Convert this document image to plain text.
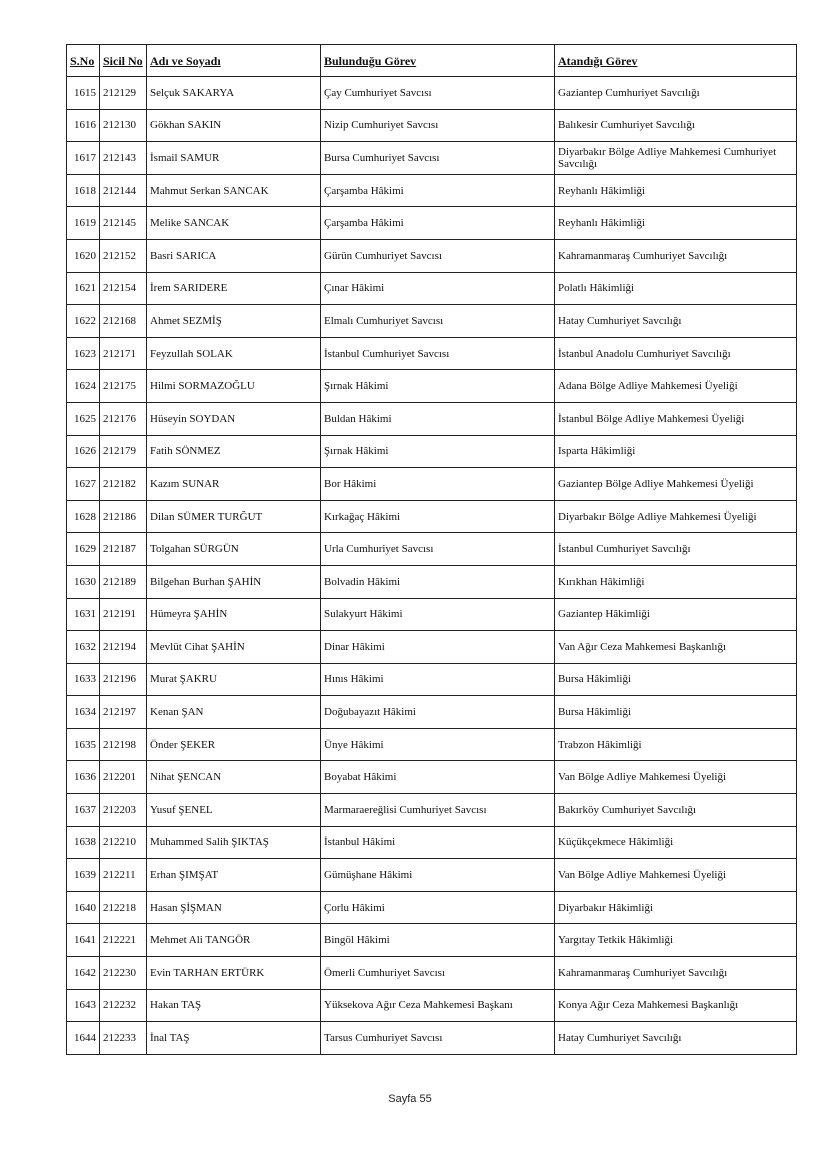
S.No	Sicil No	Adı ve Soyadı	Bulunduğu Görev	Atandığı Görev
1615	212129	Selçuk SAKARYA	Çay Cumhuriyet Savcısı	Gaziantep Cumhuriyet Savcılığı
1616	212130	Gökhan SAKIN	Nizip Cumhuriyet Savcısı	Balıkesir Cumhuriyet Savcılığı
1617	212143	İsmail SAMUR	Bursa Cumhuriyet Savcısı	Diyarbakır Bölge Adliye Mahkemesi Cumhuriyet Savcılığı
1618	212144	Mahmut Serkan SANCAK	Çarşamba Hâkimi	Reyhanlı Hâkimliği
1619	212145	Melike SANCAK	Çarşamba Hâkimi	Reyhanlı Hâkimliği
1620	212152	Basri SARICA	Gürün Cumhuriyet Savcısı	Kahramanmaraş Cumhuriyet Savcılığı
1621	212154	İrem SARIDERE	Çınar Hâkimi	Polatlı Hâkimliği
1622	212168	Ahmet SEZMİŞ	Elmalı Cumhuriyet Savcısı	Hatay Cumhuriyet Savcılığı
1623	212171	Feyzullah SOLAK	İstanbul Cumhuriyet Savcısı	İstanbul Anadolu Cumhuriyet Savcılığı
1624	212175	Hilmi SORMAZOĞLU	Şırnak Hâkimi	Adana Bölge Adliye Mahkemesi Üyeliği
1625	212176	Hüseyin SOYDAN	Buldan Hâkimi	İstanbul Bölge Adliye Mahkemesi Üyeliği
1626	212179	Fatih SÖNMEZ	Şırnak Hâkimi	Isparta Hâkimliği
1627	212182	Kazım SUNAR	Bor Hâkimi	Gaziantep Bölge Adliye Mahkemesi Üyeliği
1628	212186	Dilan SÜMER TURĞUT	Kırkağaç Hâkimi	Diyarbakır Bölge Adliye Mahkemesi Üyeliği
1629	212187	Tolgahan SÜRGÜN	Urla Cumhuriyet Savcısı	İstanbul Cumhuriyet Savcılığı
1630	212189	Bilgehan Burhan ŞAHİN	Bolvadin Hâkimi	Kırıkhan Hâkimliği
1631	212191	Hümeyra ŞAHİN	Sulakyurt Hâkimi	Gaziantep Hâkimliği
1632	212194	Mevlüt Cihat ŞAHİN	Dinar Hâkimi	Van Ağır Ceza Mahkemesi Başkanlığı
1633	212196	Murat ŞAKRU	Hınıs Hâkimi	Bursa Hâkimliği
1634	212197	Kenan ŞAN	Doğubayazıt Hâkimi	Bursa Hâkimliği
1635	212198	Önder ŞEKER	Ünye Hâkimi	Trabzon Hâkimliği
1636	212201	Nihat ŞENCAN	Boyabat Hâkimi	Van Bölge Adliye Mahkemesi Üyeliği
1637	212203	Yusuf ŞENEL	Marmaraereğlisi Cumhuriyet Savcısı	Bakırköy Cumhuriyet Savcılığı
1638	212210	Muhammed Salih ŞIKTAŞ	İstanbul Hâkimi	Küçükçekmece Hâkimliği
1639	212211	Erhan ŞIMŞAT	Gümüşhane Hâkimi	Van Bölge Adliye Mahkemesi Üyeliği
1640	212218	Hasan ŞİŞMAN	Çorlu Hâkimi	Diyarbakır Hâkimliği
1641	212221	Mehmet Ali TANGÖR	Bingöl Hâkimi	Yargıtay Tetkik Hâkimliği
1642	212230	Evin TARHAN ERTÜRK	Ömerli Cumhuriyet Savcısı	Kahramanmaraş Cumhuriyet Savcılığı
1643	212232	Hakan TAŞ	Yüksekova Ağır Ceza Mahkemesi Başkanı	Konya Ağır Ceza Mahkemesi Başkanlığı
1644	212233	İnal TAŞ	Tarsus Cumhuriyet Savcısı	Hatay Cumhuriyet Savcılığı
Sayfa 55
